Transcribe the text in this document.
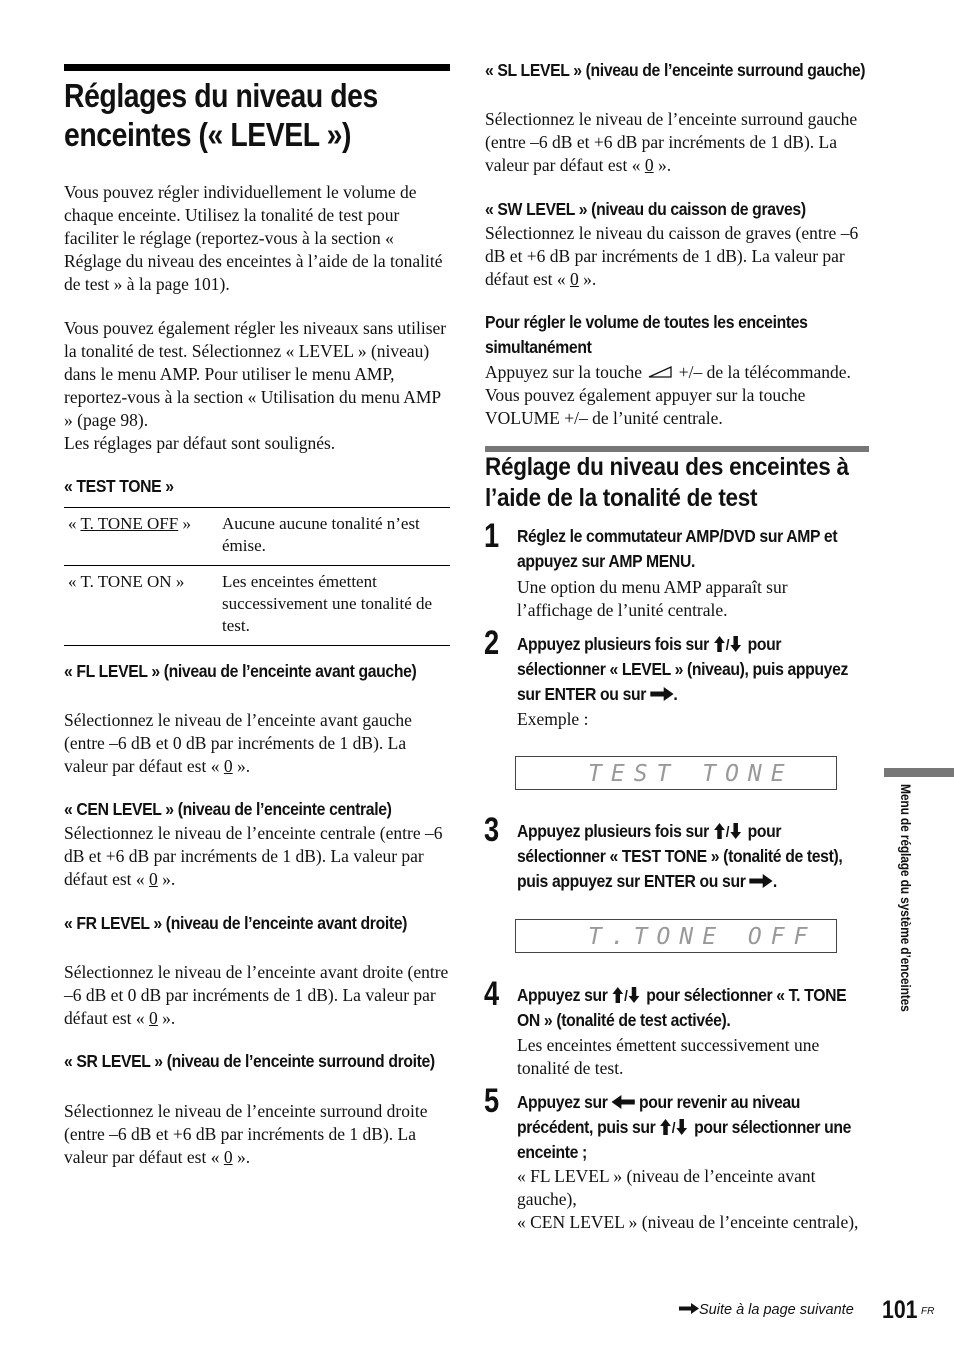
Réglages du niveau des enceintes (« LEVEL »)
Vous pouvez régler individuellement le volume de chaque enceinte. Utilisez la tonalité de test pour faciliter le réglage (reportez-vous à la section « Réglage du niveau des enceintes à l’aide de la tonalité de test » à la page 101).
Vous pouvez également régler les niveaux sans utiliser la tonalité de test. Sélectionnez « LEVEL » (niveau) dans le menu AMP. Pour utiliser le menu AMP, reportez-vous à la section « Utilisation du menu AMP » (page 98).
Les réglages par défaut sont soulignés.
« TEST TONE »
« T. TONE OFF »	Aucune aucune tonalité n’est émise.
« T. TONE ON »	Les enceintes émettent successivement une tonalité de test.
« FL LEVEL » (niveau de l’enceinte avant gauche)
Sélectionnez le niveau de l’enceinte avant gauche (entre –6 dB et 0 dB par incréments de 1 dB). La valeur par défaut est « 0 ».
« CEN LEVEL » (niveau de l’enceinte centrale)
Sélectionnez le niveau de l’enceinte centrale (entre –6 dB et +6 dB par incréments de 1 dB). La valeur par défaut est « 0 ».
« FR LEVEL » (niveau de l’enceinte avant droite)
Sélectionnez le niveau de l’enceinte avant droite (entre –6 dB et 0 dB par incréments de 1 dB). La valeur par défaut est « 0 ».
« SR LEVEL » (niveau de l’enceinte surround droite)
Sélectionnez le niveau de l’enceinte surround droite (entre –6 dB et +6 dB par incréments de 1 dB). La valeur par défaut est « 0 ».
« SL LEVEL » (niveau de l’enceinte surround gauche)
Sélectionnez le niveau de l’enceinte surround gauche (entre –6 dB et +6 dB par incréments de 1 dB). La valeur par défaut est « 0 ».
« SW LEVEL » (niveau du caisson de graves)
Sélectionnez le niveau du caisson de graves (entre –6 dB et +6 dB par incréments de 1 dB). La valeur par défaut est « 0 ».
Pour régler le volume de toutes les enceintes simultanément
Appuyez sur la touche +/– de la télécommande. Vous pouvez également appuyer sur la touche VOLUME +/– de l’unité centrale.
Réglage du niveau des enceintes à l’aide de la tonalité de test
1 Réglez le commutateur AMP/DVD sur AMP et appuyez sur AMP MENU.
Une option du menu AMP apparaît sur l’affichage de l’unité centrale.
2 Appuyez plusieurs fois sur / pour sélectionner « LEVEL » (niveau), puis appuyez sur ENTER ou sur .
Exemple :
TEST TONE
3 Appuyez plusieurs fois sur / pour sélectionner « TEST TONE » (tonalité de test), puis appuyez sur ENTER ou sur .
T.TONE OFF
4 Appuyez sur / pour sélectionner « T. TONE ON » (tonalité de test activée).
Les enceintes émettent successivement une tonalité de test.
5 Appuyez sur pour revenir au niveau précédent, puis sur / pour sélectionner une enceinte ;
« FL LEVEL » (niveau de l’enceinte avant gauche),
« CEN LEVEL » (niveau de l’enceinte centrale),
Menu de réglage du système d’enceintes
Suite à la page suivante 101 FR
